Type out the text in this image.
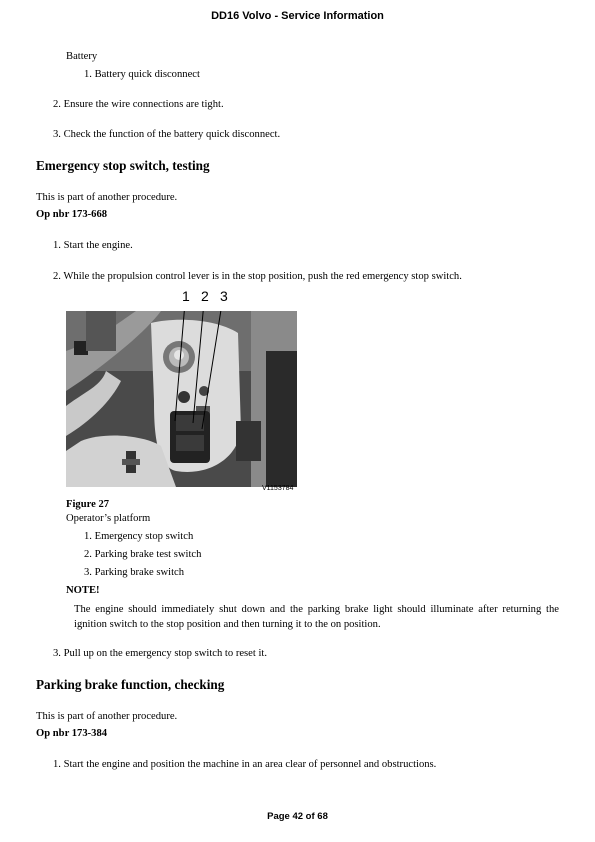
DD16 Volvo - Service Information
Battery
1. Battery quick disconnect
2. Ensure the wire connections are tight.
3. Check the function of the battery quick disconnect.
Emergency stop switch, testing
This is part of another procedure.
Op nbr 173-668
1. Start the engine.
2. While the propulsion control lever is in the stop position, push the red emergency stop switch.
1 2 3
V1153784
Figure 27
Operator’s platform
1. Emergency stop switch
2. Parking brake test switch
3. Parking brake switch
NOTE!
The engine should immediately shut down and the parking brake light should illuminate after returning the ignition switch to the stop position and then turning it to the on position.
3. Pull up on the emergency stop switch to reset it.
Parking brake function, checking
This is part of another procedure.
Op nbr 173-384
1. Start the engine and position the machine in an area clear of personnel and obstructions.
Page 42 of 68
